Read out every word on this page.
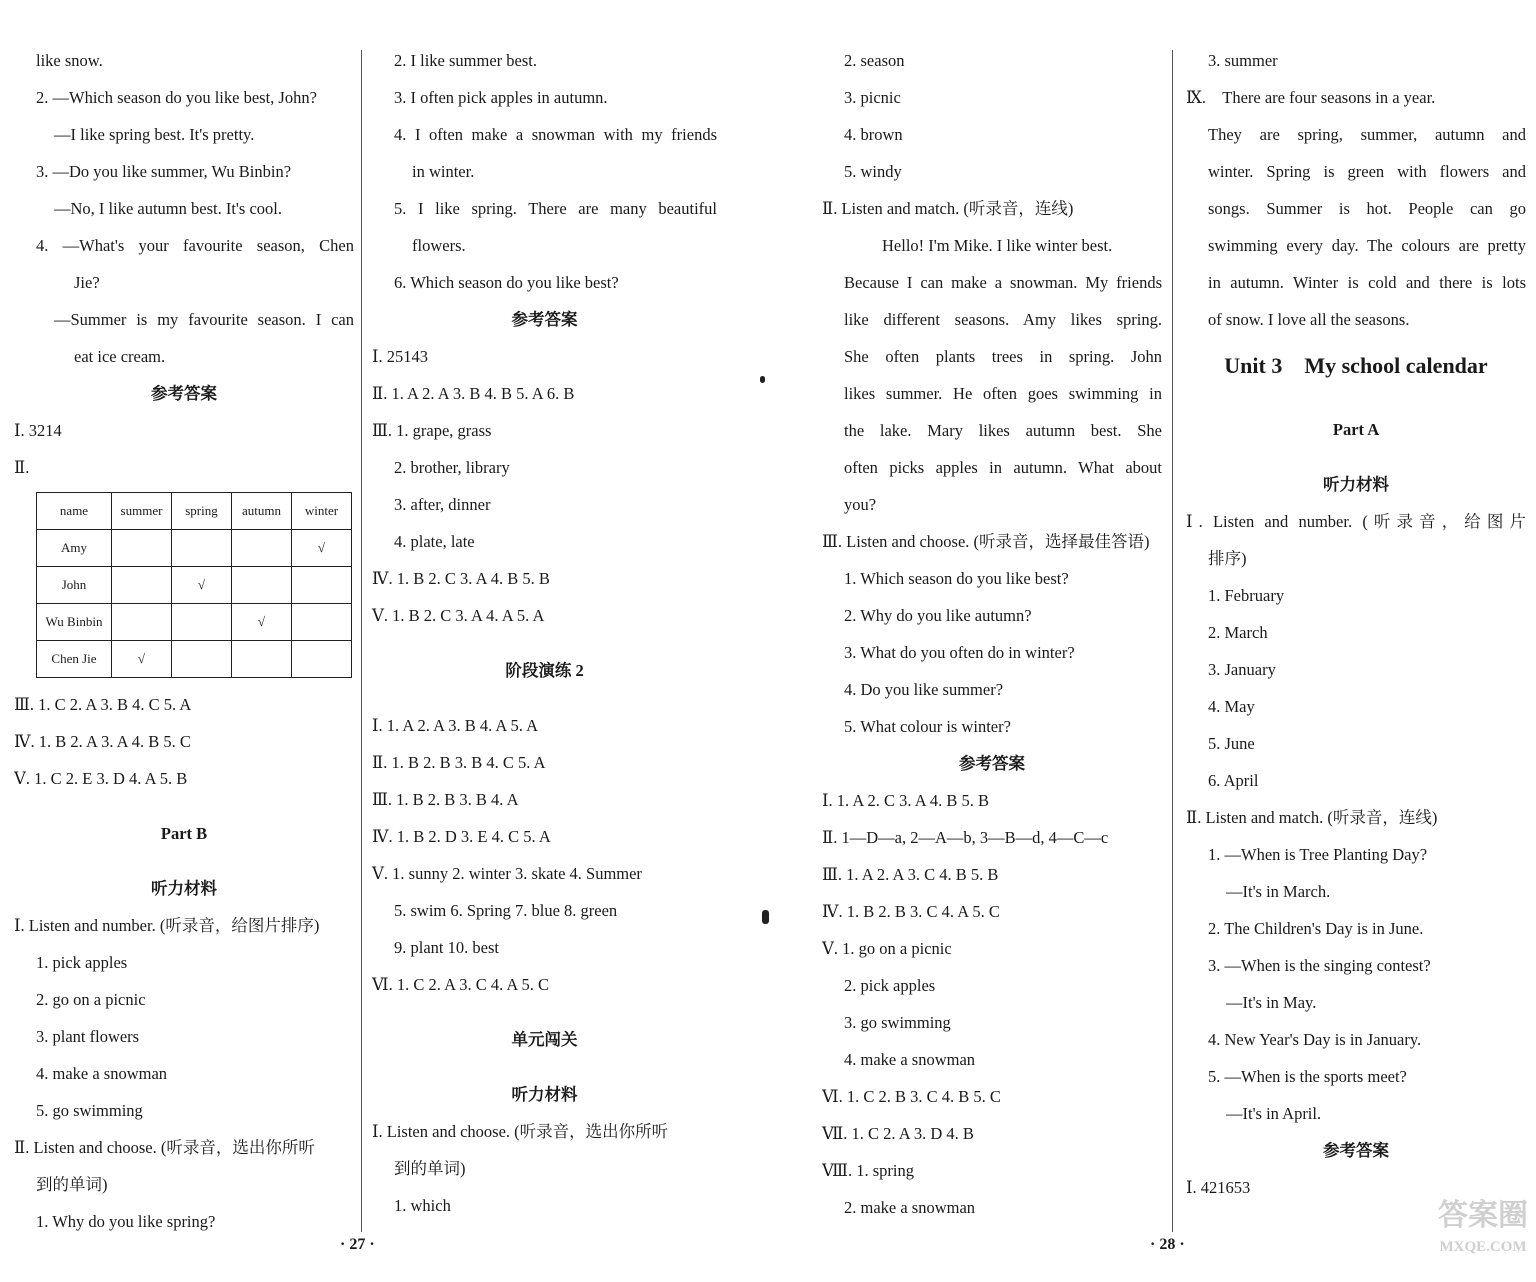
like snow.
2. —Which season do you like best, John?
—I like spring best. It's pretty.
3. —Do you like summer, Wu Binbin?
—No, I like autumn best. It's cool.
4. —What's your favourite season, Chen
Jie?
—Summer is my favourite season. I can
eat ice cream.
参考答案
Ⅰ. 3214
Ⅱ.
name	summer	spring	autumn	winter
Amy				√
John		√		
Wu Binbin			√	
Chen Jie	√			
Ⅲ. 1. C 2. A 3. B 4. C 5. A
Ⅳ. 1. B 2. A 3. A 4. B 5. C
Ⅴ. 1. C 2. E 3. D 4. A 5. B
Part B
听力材料
Ⅰ. Listen and number. (听录音，给图片排序)
1. pick apples
2. go on a picnic
3. plant flowers
4. make a snowman
5. go swimming
Ⅱ. Listen and choose. (听录音，选出你所听
到的单词)
1. Why do you like spring?
2. I like summer best.
3. I often pick apples in autumn.
4. I often make a snowman with my friends
in winter.
5. I like spring. There are many beautiful
flowers.
6. Which season do you like best?
参考答案
Ⅰ. 25143
Ⅱ. 1. A 2. A 3. B 4. B 5. A 6. B
Ⅲ. 1. grape, grass
2. brother, library
3. after, dinner
4. plate, late
Ⅳ. 1. B 2. C 3. A 4. B 5. B
Ⅴ. 1. B 2. C 3. A 4. A 5. A
阶段演练 2
Ⅰ. 1. A 2. A 3. B 4. A 5. A
Ⅱ. 1. B 2. B 3. B 4. C 5. A
Ⅲ. 1. B 2. B 3. B 4. A
Ⅳ. 1. B 2. D 3. E 4. C 5. A
Ⅴ. 1. sunny 2. winter 3. skate 4. Summer
5. swim 6. Spring 7. blue 8. green
9. plant 10. best
Ⅵ. 1. C 2. A 3. C 4. A 5. C
单元闯关
听力材料
Ⅰ. Listen and choose. (听录音，选出你所听
到的单词)
1. which
· 27 ·
2. season
3. picnic
4. brown
5. windy
Ⅱ. Listen and match. (听录音，连线)
Hello! I'm Mike. I like winter best.
Because I can make a snowman. My friends
like different seasons. Amy likes spring.
She often plants trees in spring. John
likes summer. He often goes swimming in
the lake. Mary likes autumn best. She
often picks apples in autumn. What about
you?
Ⅲ. Listen and choose. (听录音，选择最佳答语)
1. Which season do you like best?
2. Why do you like autumn?
3. What do you often do in winter?
4. Do you like summer?
5. What colour is winter?
参考答案
Ⅰ. 1. A 2. C 3. A 4. B 5. B
Ⅱ. 1—D—a, 2—A—b, 3—B—d, 4—C—c
Ⅲ. 1. A 2. A 3. C 4. B 5. B
Ⅳ. 1. B 2. B 3. C 4. A 5. C
Ⅴ. 1. go on a picnic
2. pick apples
3. go swimming
4. make a snowman
Ⅵ. 1. C 2. B 3. C 4. B 5. C
Ⅶ. 1. C 2. A 3. D 4. B
Ⅷ. 1. spring
2. make a snowman
3. summer
Ⅸ.    There are four seasons in a year.
They are spring, summer, autumn and
winter. Spring is green with flowers and
songs. Summer is hot. People can go
swimming every day. The colours are pretty
in autumn. Winter is cold and there is lots
of snow. I love all the seasons.
Unit 3    My school calendar
Part A
听力材料
Ⅰ. Listen and number. (听录音，给图片
排序)
1. February
2. March
3. January
4. May
5. June
6. April
Ⅱ. Listen and match. (听录音，连线)
1. —When is Tree Planting Day?
—It's in March.
2. The Children's Day is in June.
3. —When is the singing contest?
—It's in May.
4. New Year's Day is in January.
5. —When is the sports meet?
—It's in April.
参考答案
Ⅰ. 421653
· 28 ·
答案圈
MXQE.COM
